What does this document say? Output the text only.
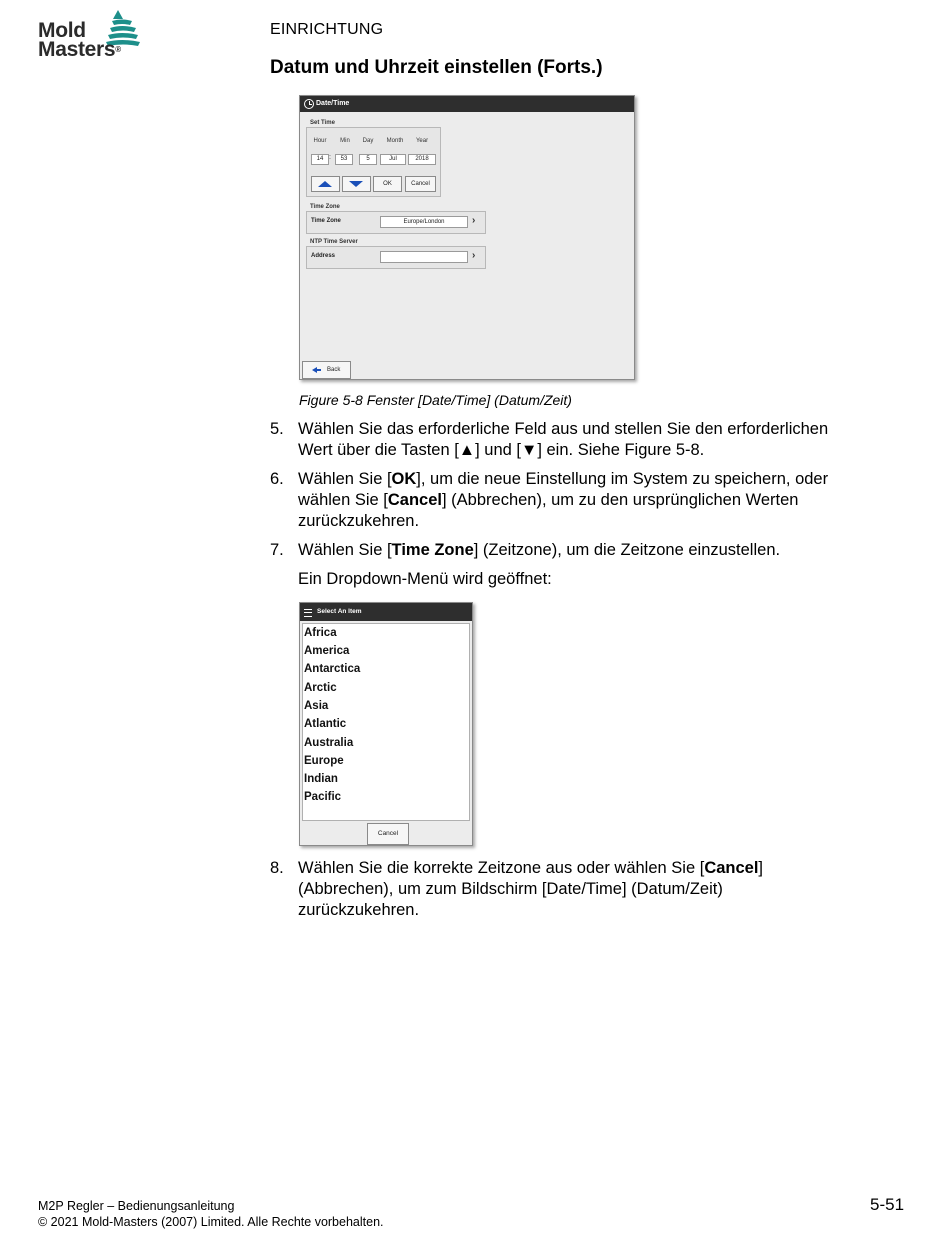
Mold
Masters®
EINRICHTUNG
Datum und Uhrzeit einstellen (Forts.)
Date/Time
Set Time
Hour	Min	Day	Month	Year
14 :	53	5	Jul	2018
OK	Cancel
Time Zone
Time Zone	Europe/London	›
NTP Time Server
Address	›
Back
Figure 5-8 Fenster [Date/Time] (Datum/Zeit)
5. Wählen Sie das erforderliche Feld aus und stellen Sie den erforderlichen
Wert über die Tasten [▲] und [▼] ein. Siehe Figure 5-8.
6. Wählen Sie [OK], um die neue Einstellung im System zu speichern, oder
wählen Sie [Cancel] (Abbrechen), um zu den ursprünglichen Werten
zurückzukehren.
7. Wählen Sie [Time Zone] (Zeitzone), um die Zeitzone einzustellen.
Ein Dropdown-Menü wird geöffnet:
Select An Item
Africa
America
Antarctica
Arctic
Asia
Atlantic
Australia
Europe
Indian
Pacific
Cancel
8. Wählen Sie die korrekte Zeitzone aus oder wählen Sie [Cancel]
(Abbrechen), um zum Bildschirm [Date/Time] (Datum/Zeit)
zurückzukehren.
M2P Regler – Bedienungsanleitung
© 2021 Mold-Masters (2007) Limited. Alle Rechte vorbehalten.
5-51
